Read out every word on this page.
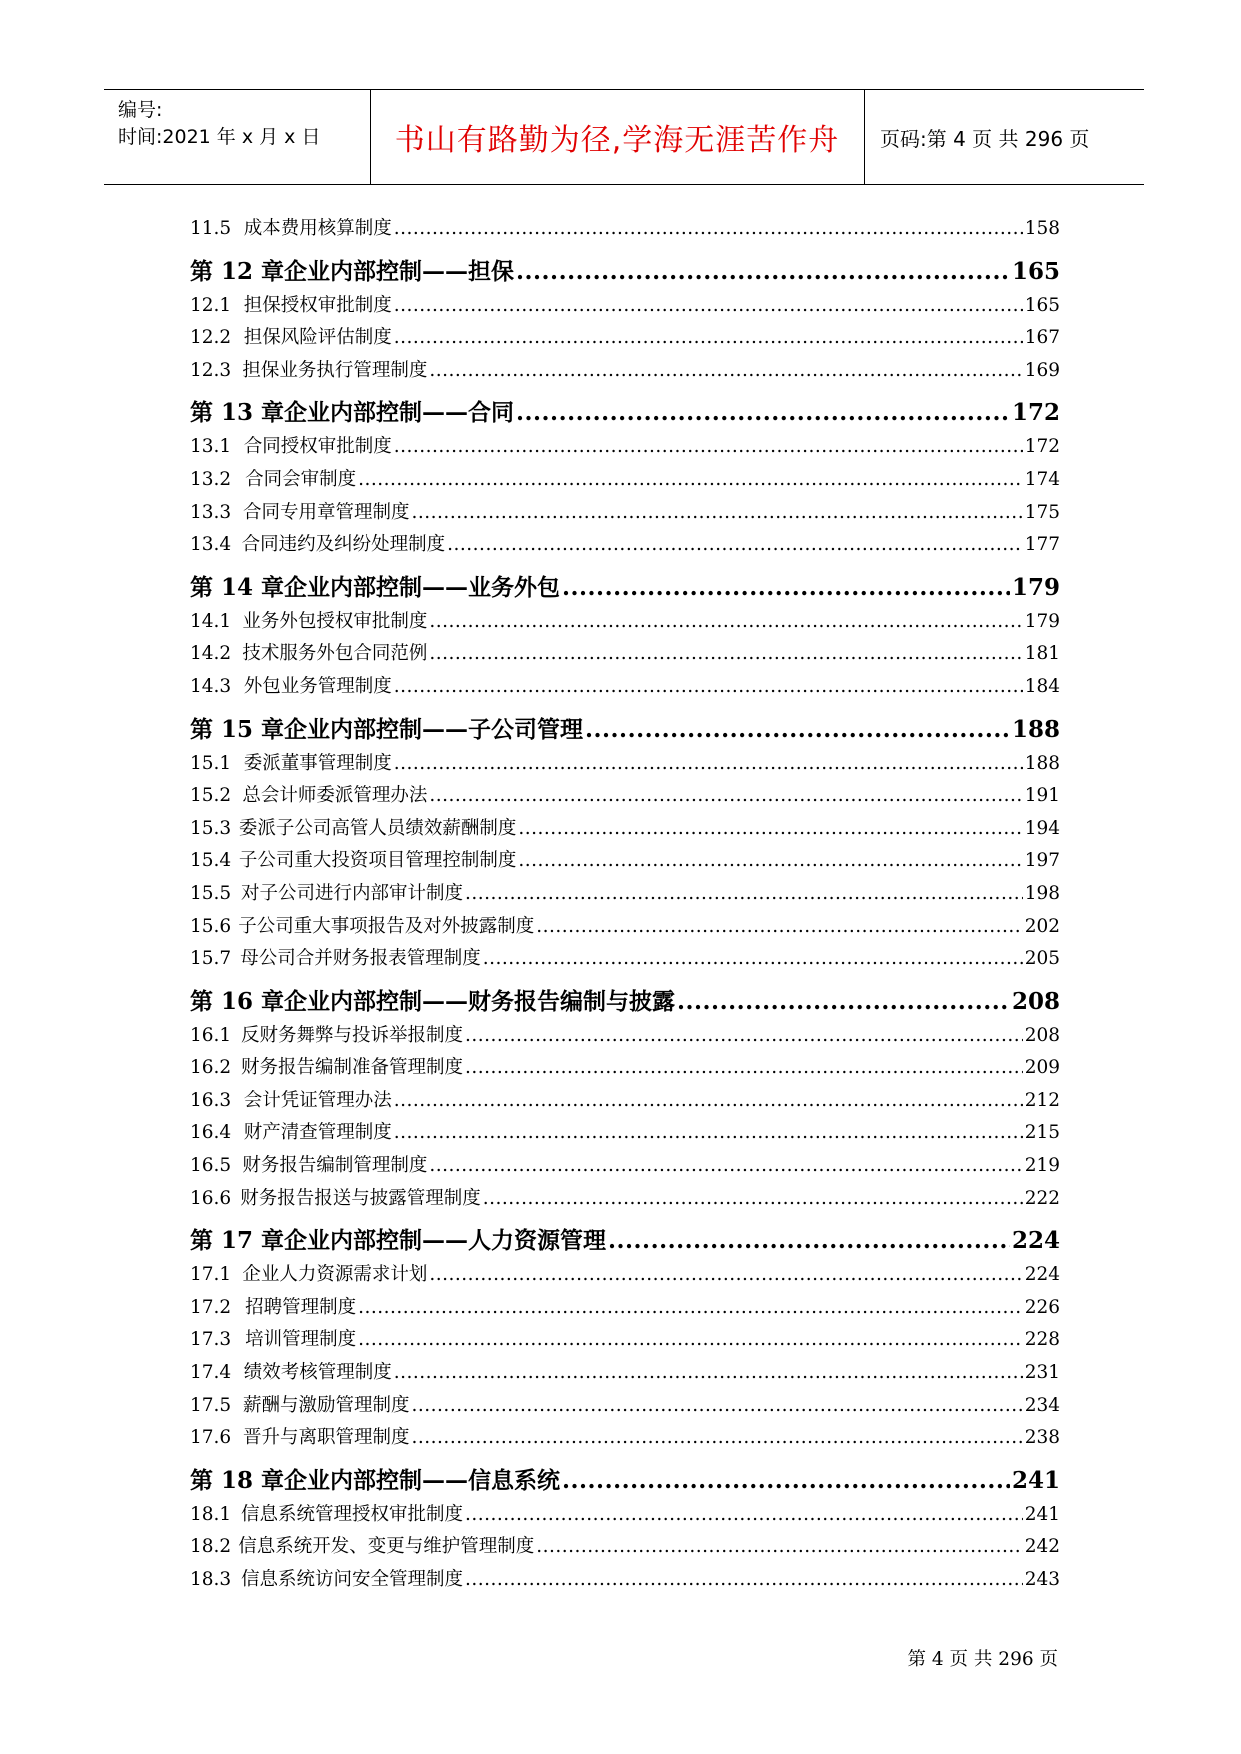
编号:
时间:2021 年 x 月 x 日 书山有路勤为径,学海无涯苦作舟 页码:第 4 页 共 296 页
11. 5 成本费用核算制度 .....	158
第 12 章 企业内部控制——担保 .....	165
12. 1 担保授权审批制度 .....	165
12. 2 担保风险评估制度 .....	167
12. 3 担保业务执行管理制度 .....	169
第 13 章 企业内部控制——合同 .....	172
13. 1 合同授权审批制度 .....	172
13. 2 合同会审制度 .....	174
13. 3 合同专用章管理制度 .....	175
13. 4 合同违约及纠纷处理制度 .....	177
第 14 章 企业内部控制——业务外包 .....	179
14. 1 业务外包授权审批制度 .....	179
14. 2 技术服务外包合同范例 .....	181
14. 3 外包业务管理制度 .....	184
第 15 章 企业内部控制——子公司管理 .....	188
15. 1 委派董事管理制度 .....	188
15. 2 总会计师委派管理办法 .....	191
15. 3 委派子公司高管人员绩效薪酬制度 .....	194
15. 4 子公司重大投资项目管理控制制度 .....	197
15. 5 对子公司进行内部审计制度 .....	198
15. 6 子公司重大事项报告及对外披露制度 .....	202
15. 7 母公司合并财务报表管理制度 .....	205
第 16 章 企业内部控制——财务报告编制与披露 .....	208
16. 1 反财务舞弊与投诉举报制度 .....	208
16. 2 财务报告编制准备管理制度 .....	209
16. 3 会计凭证管理办法 .....	212
16. 4 财产清查管理制度 .....	215
16. 5 财务报告编制管理制度 .....	219
16. 6 财务报告报送与披露管理制度 .....	222
第 17 章 企业内部控制——人力资源管理 .....	224
17. 1 企业人力资源需求计划 .....	224
17. 2 招聘管理制度 .....	226
17. 3 培训管理制度 .....	228
17. 4 绩效考核管理制度 .....	231
17. 5 薪酬与激励管理制度 .....	234
17. 6 晋升与离职管理制度 .....	238
第 18 章 企业内部控制——信息系统 .....	241
18. 1 信息系统管理授权审批制度 .....	241
18. 2 信息系统开发、变更与维护管理制度 .....	242
18. 3 信息系统访问安全管理制度 .....	243
第 4 页 共 296 页
